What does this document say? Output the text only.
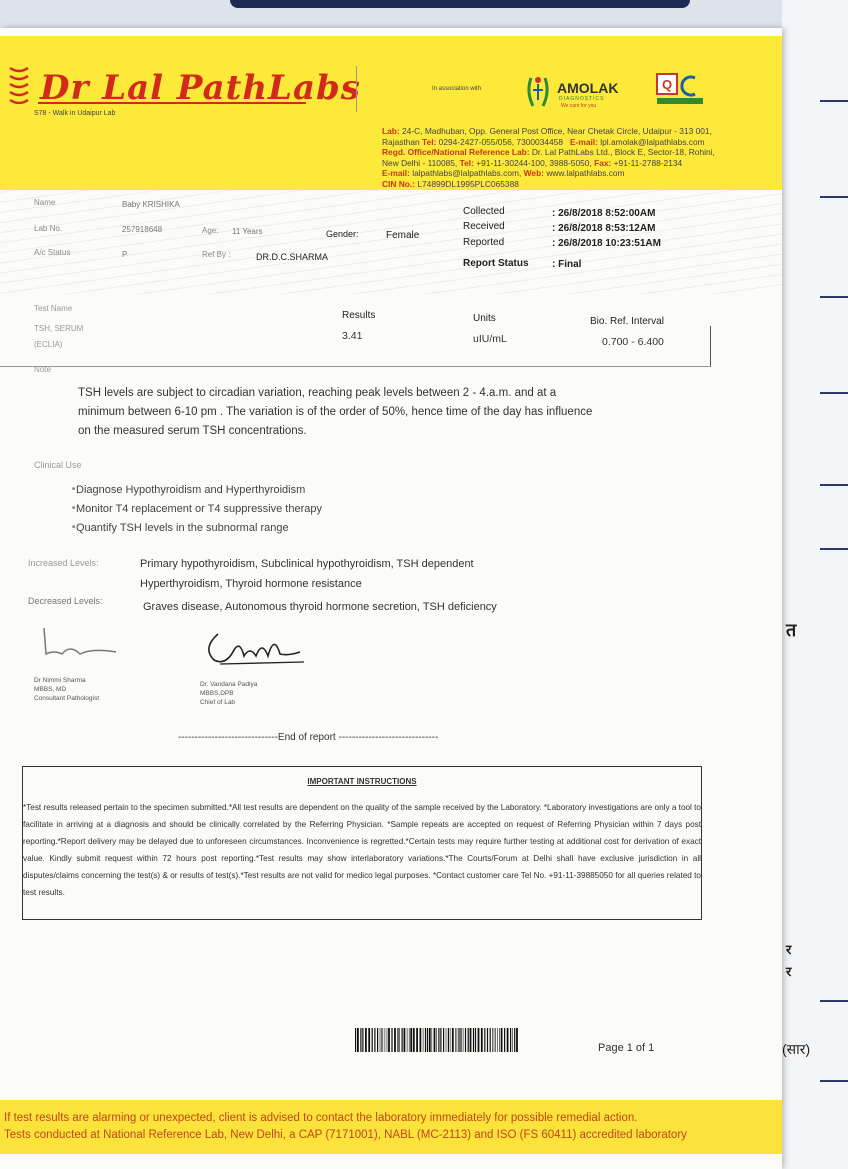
त
र
र
(सार)
Dr Lal PathLabs
S78 - Walk in Udaipur Lab
In association with	AMOLAK
DIAGNOSTICS
We care for you
Q
Lab: 24-C, Madhuban, Opp. General Post Office, Near Chetak Circle, Udaipur - 313 001,
Rajasthan Tel: 0294-2427-055/056, 7300034458 E-mail: lpl.amolak@lalpathlabs.com
Regd. Office/National Reference Lab: Dr. Lal PathLabs Ltd., Block E, Sector-18, Rohini,
New Delhi - 110085, Tel: +91-11-30244-100, 3988-5050, Fax: +91-11-2788-2134
E-mail: lalpathlabs@lalpathlabs.com, Web: www.lalpathlabs.com
CIN No.: L74899DL1995PLC065388
Name	Baby KRISHIKA
Lab No.	257918648	Age: 11 Years	Gender:	Female
A/c Status	P	Ref By :	DR.D.C.SHARMA
Collected	: 26/8/2018 8:52:00AM
Received	: 26/8/2018 8:53:12AM
Reported	: 26/8/2018 10:23:51AM
Report Status : Final
Test Name
Results	Units	Bio. Ref. Interval
TSH, SERUM
(ECLIA)
3.41	uIU/mL	0.700 - 6.400
Note
TSH levels are subject to circadian variation, reaching peak levels between 2 - 4.a.m. and at a
minimum between 6-10 pm . The variation is of the order of 50%, hence time of the day has influence
on the measured serum TSH concentrations.
Clinical Use
■ Diagnose Hypothyroidism and Hyperthyroidism
■ Monitor T4 replacement or T4 suppressive therapy
■ Quantify TSH levels in the subnormal range
Increased Levels:	Primary hypothyroidism, Subclinical hypothyroidism, TSH dependent
Hyperthyroidism, Thyroid hormone resistance
Decreased Levels:	Graves disease, Autonomous thyroid hormone secretion, TSH deficiency
Dr Nimmi Sharma
MBBS, MD
Consultant Pathologist
Dr. Vandana Padiya
MBBS,DPB
Chief of Lab
------------------------------End of report ------------------------------
IMPORTANT INSTRUCTIONS
*Test results released pertain to the specimen submitted.*All test results are dependent on the quality of the sample received by the Laboratory. *Laboratory investigations are only a tool to facilitate in arriving at a diagnosis and should be clinically correlated by the Referring Physician. *Sample repeats are accepted on request of Referring Physician within 7 days post reporting.*Report delivery may be delayed due to unforeseen circumstances. Inconvenience is regretted.*Certain tests may require further testing at additional cost for derivation of exact value. Kindly submit request within 72 hours post reporting.*Test results may show interlaboratory variations.*The Courts/Forum at Delhi shall have exclusive jurisdiction in all disputes/claims concerning the test(s) & or results of test(s).*Test results are not valid for medico legal purposes. *Contact customer care Tel No. +91-11-39885050 for all queries related to test results.
Page 1 of 1
If test results are alarming or unexpected, client is advised to contact the laboratory immediately for possible remedial action.
Tests conducted at National Reference Lab, New Delhi, a CAP (7171001), NABL (MC-2113) and ISO (FS 60411) accredited laboratory
